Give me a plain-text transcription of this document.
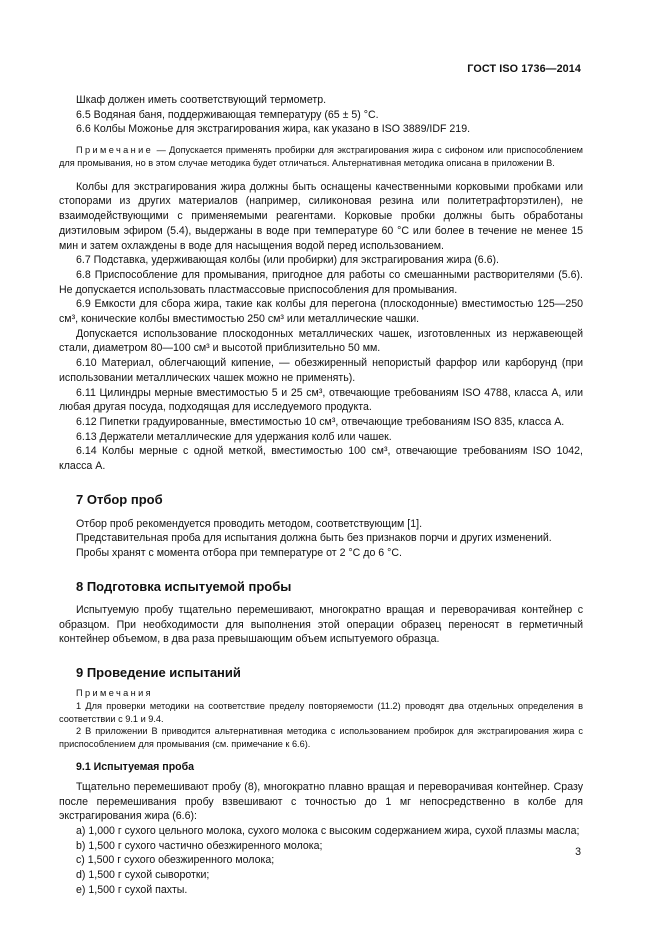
ГОСТ ISO 1736—2014

Шкаф должен иметь соответствующий термометр.

6.5 Водяная баня, поддерживающая температуру (65 ± 5) °С.

6.6 Колбы Можонье для экстрагирования жира, как указано в ISO 3889/IDF 219.

Примечание — Допускается применять пробирки для экстрагирования жира с сифоном или приспособлением для промывания, но в этом случае методика будет отличаться. Альтернативная методика описана в приложении В.

Колбы для экстрагирования жира должны быть оснащены качественными корковыми пробками или стопорами из других материалов (например, силиконовая резина или политетрафторэтилен), не взаимодействующими с применяемыми реагентами. Корковые пробки должны быть обработаны диэтиловым эфиром (5.4), выдержаны в воде при температуре 60 °С или более в течение не менее 15 мин и затем охлаждены в воде для насыщения водой перед использованием.

6.7 Подставка, удерживающая колбы (или пробирки) для экстрагирования жира (6.6).

6.8 Приспособление для промывания, пригодное для работы со смешанными растворителями (5.6). Не допускается использовать пластмассовые приспособления для промывания.

6.9 Емкости для сбора жира, такие как колбы для перегона (плоскодонные) вместимостью 125—250 см³, конические колбы вместимостью 250 см³ или металлические чашки.

Допускается использование плоскодонных металлических чашек, изготовленных из нержавеющей стали, диаметром 80—100 см³ и высотой приблизительно 50 мм.

6.10 Материал, облегчающий кипение, — обезжиренный непористый фарфор или карборунд (при использовании металлических чашек можно не применять).

6.11 Цилиндры мерные вместимостью 5 и 25 см³, отвечающие требованиям ISO 4788, класса А, или любая другая посуда, подходящая для исследуемого продукта.

6.12 Пипетки градуированные, вместимостью 10 см³, отвечающие требованиям ISO 835, класса А.

6.13 Держатели металлические для удержания колб или чашек.

6.14 Колбы мерные с одной меткой, вместимостью 100 см³, отвечающие требованиям ISO 1042, класса А.

7 Отбор проб

Отбор проб рекомендуется проводить методом, соответствующим [1].

Представительная проба для испытания должна быть без признаков порчи и других изменений.

Пробы хранят с момента отбора при температуре от 2 °С до 6 °С.

8 Подготовка испытуемой пробы

Испытуемую пробу тщательно перемешивают, многократно вращая и переворачивая контейнер с образцом. При необходимости для выполнения этой операции образец переносят в герметичный контейнер объемом, в два раза превышающим объем испытуемого образца.

9 Проведение испытаний

Примечания

1 Для проверки методики на соответствие пределу повторяемости (11.2) проводят два отдельных определения в соответствии с 9.1 и 9.4.

2 В приложении В приводится альтернативная методика с использованием пробирок для экстрагирования жира с приспособлением для промывания (см. примечание к 6.6).

9.1 Испытуемая проба

Тщательно перемешивают пробу (8), многократно плавно вращая и переворачивая контейнер. Сразу после перемешивания пробу взвешивают с точностью до 1 мг непосредственно в колбе для экстрагирования жира (6.6):

а) 1,000 г сухого цельного молока, сухого молока с высоким содержанием жира, сухой плазмы масла;

b) 1,500 г сухого частично обезжиренного молока;

с) 1,500 г сухого обезжиренного молока;

d) 1,500 г сухой сыворотки;

е) 1,500 г сухой пахты.

3
